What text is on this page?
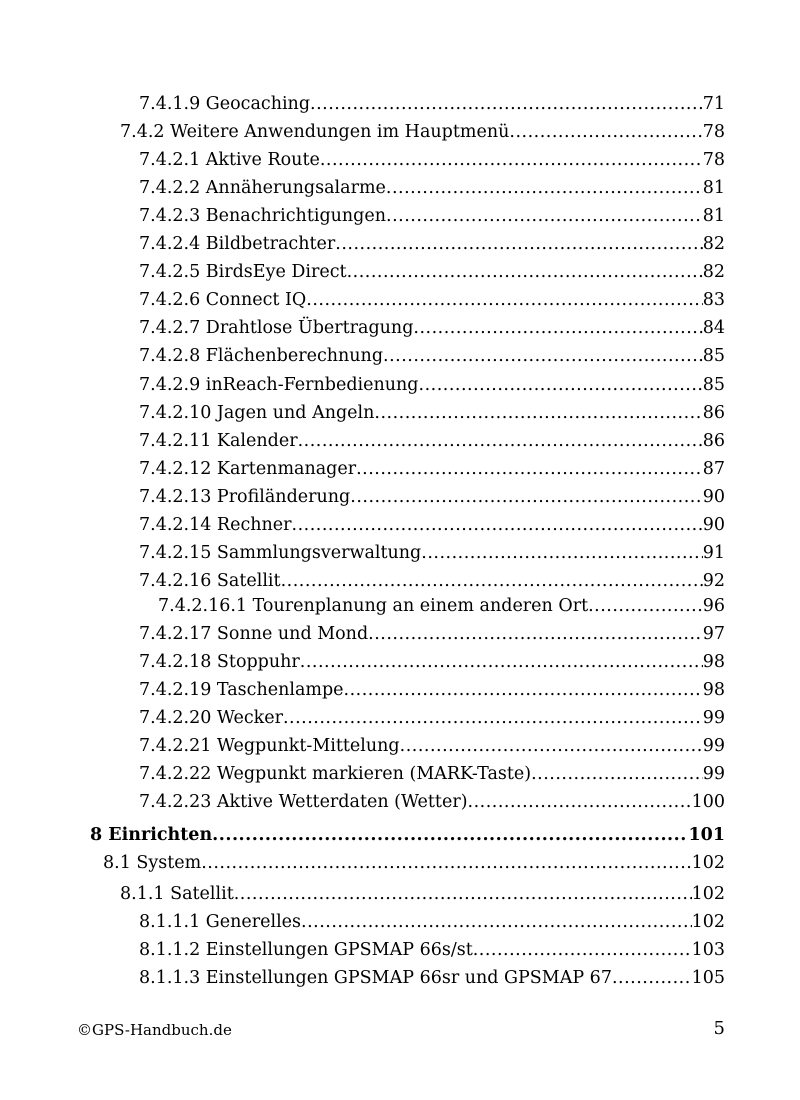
7.4.1.9 Geocaching .....	71
7.4.2 Weitere Anwendungen im Hauptmenü .....	78
7.4.2.1 Aktive Route .....	78
7.4.2.2 Annäherungsalarme .....	81
7.4.2.3 Benachrichtigungen .....	81
7.4.2.4 Bildbetrachter .....	82
7.4.2.5 BirdsEye Direct .....	82
7.4.2.6 Connect IQ .....	83
7.4.2.7 Drahtlose Übertragung .....	84
7.4.2.8 Flächenberechnung .....	85
7.4.2.9 inReach-Fernbedienung .....	85
7.4.2.10 Jagen und Angeln .....	86
7.4.2.11 Kalender .....	86
7.4.2.12 Kartenmanager .....	87
7.4.2.13 Profiländerung .....	90
7.4.2.14 Rechner .....	90
7.4.2.15 Sammlungsverwaltung .....	91
7.4.2.16 Satellit .....	92
7.4.2.16.1 Tourenplanung an einem anderen Ort .....	96
7.4.2.17 Sonne und Mond .....	97
7.4.2.18 Stoppuhr .....	98
7.4.2.19 Taschenlampe .....	98
7.4.2.20 Wecker .....	99
7.4.2.21 Wegpunkt-Mittelung .....	99
7.4.2.22 Wegpunkt markieren (MARK-Taste) .....	99
7.4.2.23 Aktive Wetterdaten (Wetter) .....	100
8 Einrichten .....	101
8.1 System .....	102
8.1.1 Satellit .....	102
8.1.1.1 Generelles .....	102
8.1.1.2 Einstellungen GPSMAP 66s/st .....	103
8.1.1.3 Einstellungen GPSMAP 66sr und GPSMAP 67 .....	105
©GPS-Handbuch.de	5
